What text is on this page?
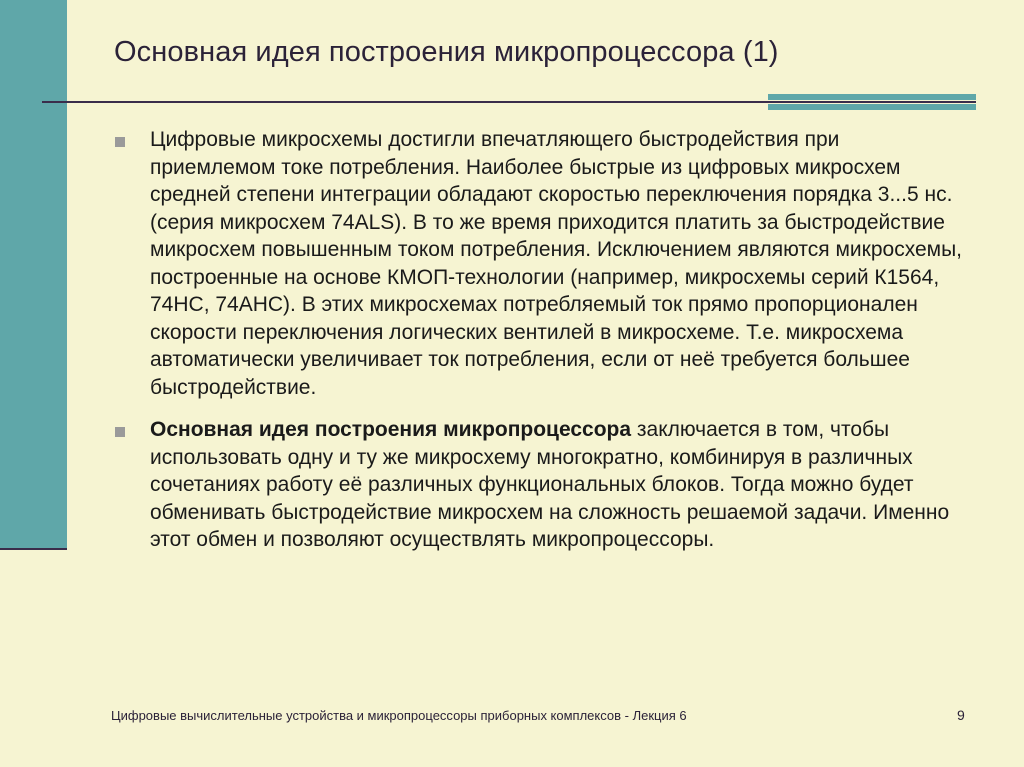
Основная идея построения микропроцессора (1)
Цифровые микросхемы достигли впечатляющего быстродействия при приемлемом токе потребления. Наиболее быстрые из цифровых микросхем средней степени интеграции обладают скоростью переключения порядка 3...5 нс. (серия микросхем 74ALS). В то же время приходится платить за быстродействие микросхем повышенным током потребления. Исключением являются микросхемы, построенные на основе КМОП-технологии (например, микросхемы серий К1564, 74НС, 74АНС). В этих микросхемах потребляемый ток прямо пропорционален скорости переключения логических вентилей в микросхеме. Т.е. микросхема автоматически увеличивает ток потребления, если от неё требуется большее быстродействие.
Основная идея построения микропроцессора заключается в том, чтобы использовать одну и ту же микросхему многократно, комбинируя в различных сочетаниях работу её различных функциональных блоков. Тогда можно будет обменивать быстродействие микросхем на сложность решаемой задачи. Именно этот обмен и позволяют осуществлять микропроцессоры.
Цифровые вычислительные устройства и микропроцессоры приборных комплексов - Лекция 6	9
